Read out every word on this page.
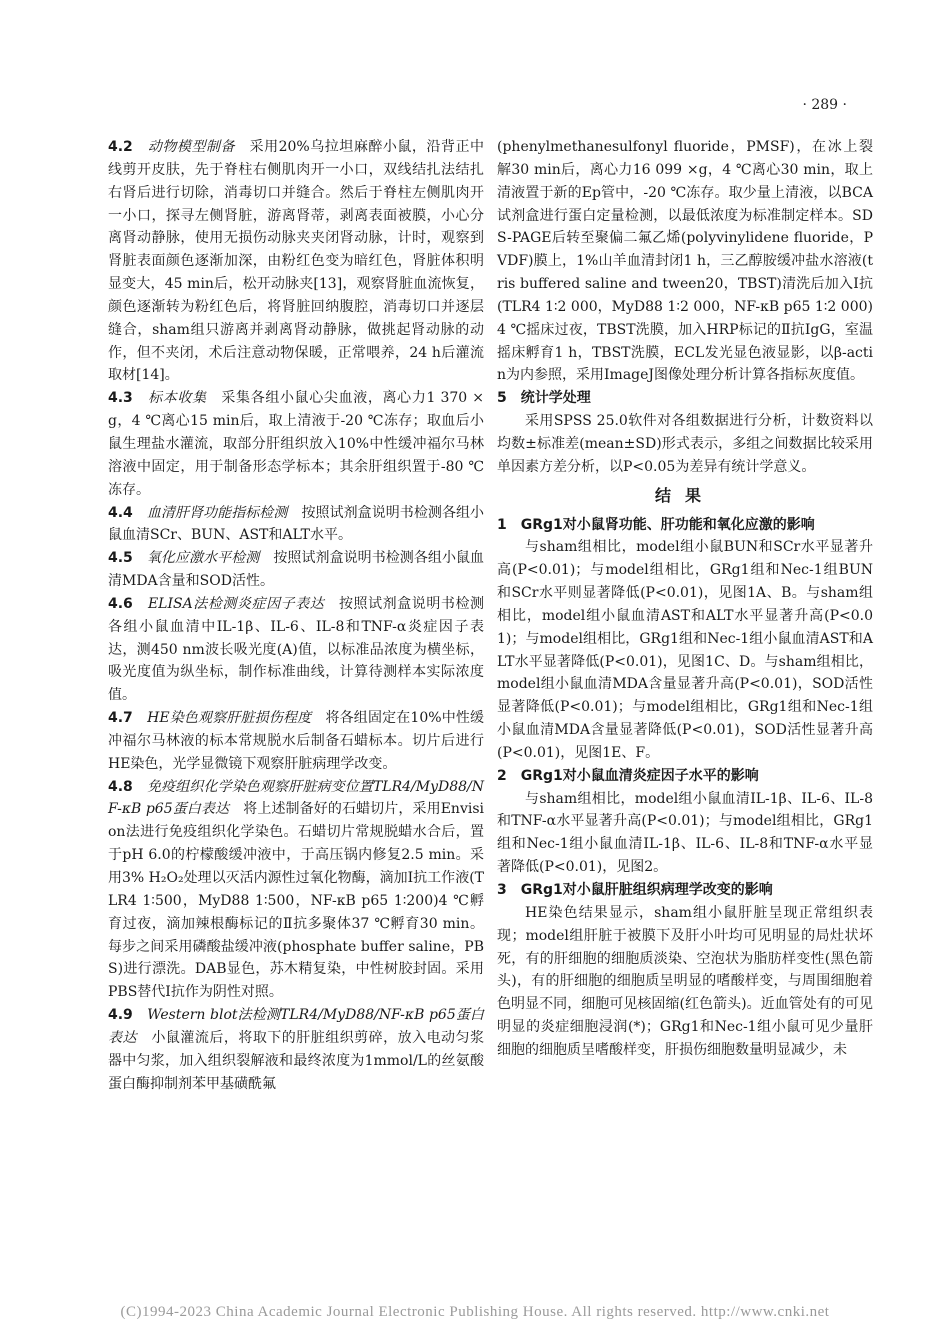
· 289 ·

4.2　 动物模型制备　 采用20%乌拉坦麻醉小鼠，沿背正中线剪开皮肤，先于脊柱右侧肌肉开一小口，双线结扎法结扎右肾后进行切除，消毒切口并缝合。然后于脊柱左侧肌肉开一小口，探寻左侧肾脏，游离肾蒂，剥离表面被膜，小心分离肾动静脉，使用无损伤动脉夹夹闭肾动脉，计时，观察到肾脏表面颜色逐渐加深，由粉红色变为暗红色，肾脏体积明显变大，45 min后，松开动脉夹[13]，观察肾脏血流恢复，颜色逐渐转为粉红色后，将肾脏回纳腹腔，消毒切口并逐层缝合，sham组只游离并剥离肾动静脉，做挑起肾动脉的动作，但不夹闭，术后注意动物保暖，正常喂养，24 h后灌流取材[14]。

4.3　 标本收集　 采集各组小鼠心尖血液，离心力1 370 ×g，4 ℃离心15 min后，取上清液于-20 ℃冻存；取血后小鼠生理盐水灌流，取部分肝组织放入10%中性缓冲福尔马林溶液中固定，用于制备形态学标本；其余肝组织置于-80 ℃冻存。

4.4　 血清肝肾功能指标检测　 按照试剂盒说明书检测各组小鼠血清SCr、BUN、AST和ALT水平。

4.5　 氧化应激水平检测　 按照试剂盒说明书检测各组小鼠血清MDA含量和SOD活性。

4.6　 ELISA法检测炎症因子表达　 按照试剂盒说明书检测各组小鼠血清中IL-1β、IL-6、IL-8和TNF-α炎症因子表达，测450 nm波长吸光度(A)值，以标准品浓度为横坐标，吸光度值为纵坐标，制作标准曲线，计算待测样本实际浓度值。

4.7　 HE染色观察肝脏损伤程度　 将各组固定在10%中性缓冲福尔马林液的标本常规脱水后制备石蜡标本。切片后进行HE染色，光学显微镜下观察肝脏病理学改变。

4.8　 免疫组织化学染色观察肝脏病变位置TLR4/MyD88/NF-κB p65蛋白表达　 将上述制备好的石蜡切片，采用Envision法进行免疫组织化学染色。石蜡切片常规脱蜡水合后，置于pH 6.0的柠檬酸缓冲液中，于高压锅内修复2.5 min。采用3% H₂O₂处理以灭活内源性过氧化物酶，滴加Ⅰ抗工作液(TLR4 1∶500，MyD88 1∶500，NF-κB p65 1∶200)4 ℃孵育过夜，滴加辣根酶标记的Ⅱ抗多聚体37 ℃孵育30 min。每步之间采用磷酸盐缓冲液(phosphate buffer saline，PBS)进行漂洗。DAB显色，苏木精复染，中性树胶封固。采用PBS替代Ⅰ抗作为阴性对照。

4.9　 Western blot法检测TLR4/MyD88/NF-κB p65蛋白表达　 小鼠灌流后，将取下的肝脏组织剪碎，放入电动匀浆器中匀浆，加入组织裂解液和最终浓度为1mmol/L的丝氨酸蛋白酶抑制剂苯甲基磺酰氟

(phenylmethanesulfonyl fluoride，PMSF)，在冰上裂解30 min后，离心力16 099 ×g，4 ℃离心30 min，取上清液置于新的Ep管中，-20 ℃冻存。取少量上清液，以BCA试剂盒进行蛋白定量检测，以最低浓度为标准制定样本。SDS-PAGE后转至聚偏二氟乙烯(polyvinylidene fluoride，PVDF)膜上，1%山羊血清封闭1 h，三乙醇胺缓冲盐水溶液(tris buffered saline and tween20，TBST)清洗后加入Ⅰ抗(TLR4 1∶2 000，MyD88 1∶2 000，NF-κB p65 1∶2 000)4 ℃摇床过夜，TBST洗膜，加入HRP标记的Ⅱ抗IgG，室温摇床孵育1 h，TBST洗膜，ECL发光显色液显影，以β-actin为内参照，采用ImageJ图像处理分析计算各指标灰度值。

5　统计学处理

采用SPSS 25.0软件对各组数据进行分析，计数资料以均数±标准差(mean±SD)形式表示，多组之间数据比较采用单因素方差分析，以P<0.05为差异有统计学意义。

结果

1　GRg1对小鼠肾功能、肝功能和氧化应激的影响

与sham组相比，model组小鼠BUN和SCr水平显著升高(P<0.01)；与model组相比，GRg1组和Nec-1组BUN和SCr水平则显著降低(P<0.01)，见图1A、B。与sham组相比，model组小鼠血清AST和ALT水平显著升高(P<0.01)；与model组相比，GRg1组和Nec-1组小鼠血清AST和ALT水平显著降低(P<0.01)，见图1C、D。与sham组相比，model组小鼠血清MDA含量显著升高(P<0.01)，SOD活性显著降低(P<0.01)；与model组相比，GRg1组和Nec-1组小鼠血清MDA含量显著降低(P<0.01)，SOD活性显著升高(P<0.01)，见图1E、F。

2　GRg1对小鼠血清炎症因子水平的影响

与sham组相比，model组小鼠血清IL-1β、IL-6、IL-8和TNF-α水平显著升高(P<0.01)；与model组相比，GRg1组和Nec-1组小鼠血清IL-1β、IL-6、IL-8和TNF-α水平显著降低(P<0.01)，见图2。

3　GRg1对小鼠肝脏组织病理学改变的影响

HE染色结果显示，sham组小鼠肝脏呈现正常组织表现；model组肝脏于被膜下及肝小叶均可见明显的局灶状坏死，有的肝细胞的细胞质淡染、空泡状为脂肪样变性(黑色箭头)，有的肝细胞的细胞质呈明显的嗜酸样变，与周围细胞着色明显不同，细胞可见核固缩(红色箭头)。近血管处有的可见明显的炎症细胞浸润(*)；GRg1和Nec-1组小鼠可见少量肝细胞的细胞质呈嗜酸样变，肝损伤细胞数量明显减少，未

(C)1994-2023 China Academic Journal Electronic Publishing House. All rights reserved. http://www.cnki.net
